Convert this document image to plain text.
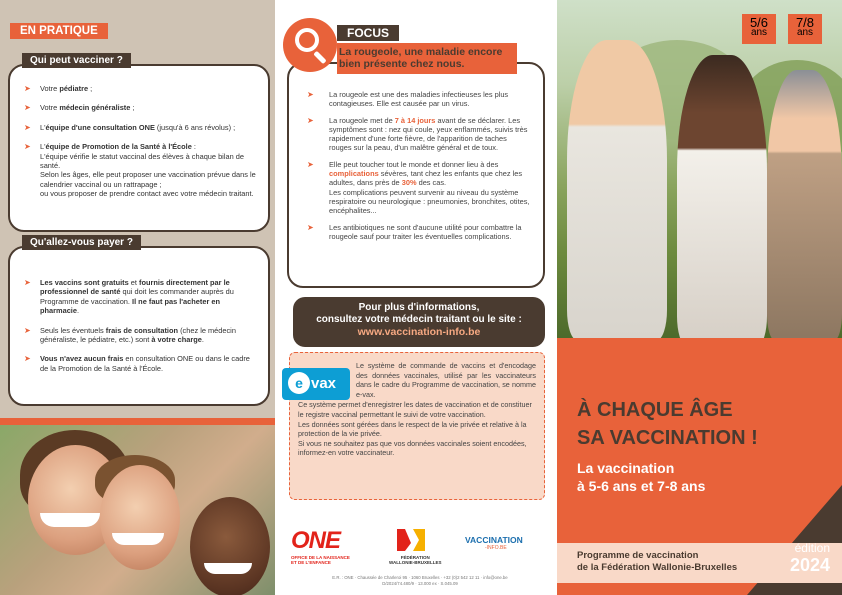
EN PRATIQUE
Qui peut vacciner ?
➤ Votre pédiatre ;
➤ Votre médecin généraliste ;
➤ L'équipe d'une consultation ONE (jusqu'à 6 ans révolus) ;
➤ L'équipe de Promotion de la Santé à l'École :
L'équipe vérifie le statut vaccinal des élèves à chaque bilan de santé.
Selon les âges, elle peut proposer une vaccination prévue dans le calendrier vaccinal ou un rattrapage ;
ou vous proposer de prendre contact avec votre médecin traitant.
Qu'allez-vous payer ?
➤ Les vaccins sont gratuits et fournis directement par le professionnel de santé qui doit les commander auprès du Programme de vaccination. Il ne faut pas l'acheter en pharmacie.
➤ Seuls les éventuels frais de consultation (chez le médecin généraliste, le pédiatre, etc.) sont à votre charge.
➤ Vous n'avez aucun frais en consultation ONE ou dans le cadre de la Promotion de la Santé à l'École.
➤ La rougeole est une des maladies infectieuses les plus contagieuses. Elle est causée par un virus.
➤ La rougeole met de 7 à 14 jours avant de se déclarer. Les symptômes sont : nez qui coule, yeux enflammés, suivis très rapidement d'une forte fièvre, de l'apparition de taches rouges sur la peau, d'un malêtre général et de toux.
➤ Elle peut toucher tout le monde et donner lieu à des complications sévères, tant chez les enfants que chez les adultes, dans près de 30% des cas.
Les complications peuvent survenir au niveau du système respiratoire ou neurologique : pneumonies, bronchites, otites, encéphalites...
➤ Les antibiotiques ne sont d'aucune utilité pour combattre la rougeole sauf pour traiter les éventuelles complications.
FOCUS
La rougeole, une maladie encore bien présente chez nous.
Pour plus d'informations,
consultez votre médecin traitant ou le site :
www.vaccination-info.be
e vax
Le système de commande de vaccins et d'encodage des données vaccinales, utilisé par les vaccinateurs dans le cadre du Programme de vaccination, se nomme e-vax.
Ce système permet d'enregistrer les dates de vaccination et de constituer le registre vaccinal permettant le suivi de votre vaccination.
Les données sont gérées dans le respect de la vie privée et relative à la protection de la vie privée.
Si vous ne souhaitez pas que vos données vaccinales soient encodées, informez-en votre vaccinateur.
ONE
OFFICE DE LA NAISSANCE
ET DE L'ENFANCE
FÉDÉRATION
WALLONIE-BRUXELLES
VACCINATION
-INFO.BE
E.R. : ONE · Chaussée de Charleroi 95 · 1060 Bruxelles · +32 (0)2 542 12 11 · info@one.be
D/2024/74.480/9 · 13.000 ex · S.045.09
5/6
ans
7/8
ans
À CHAQUE ÂGE
SA VACCINATION !
La vaccination
à 5-6 ans et 7-8 ans
Programme de vaccination
de la Fédération Wallonie-Bruxelles
édition
2024
